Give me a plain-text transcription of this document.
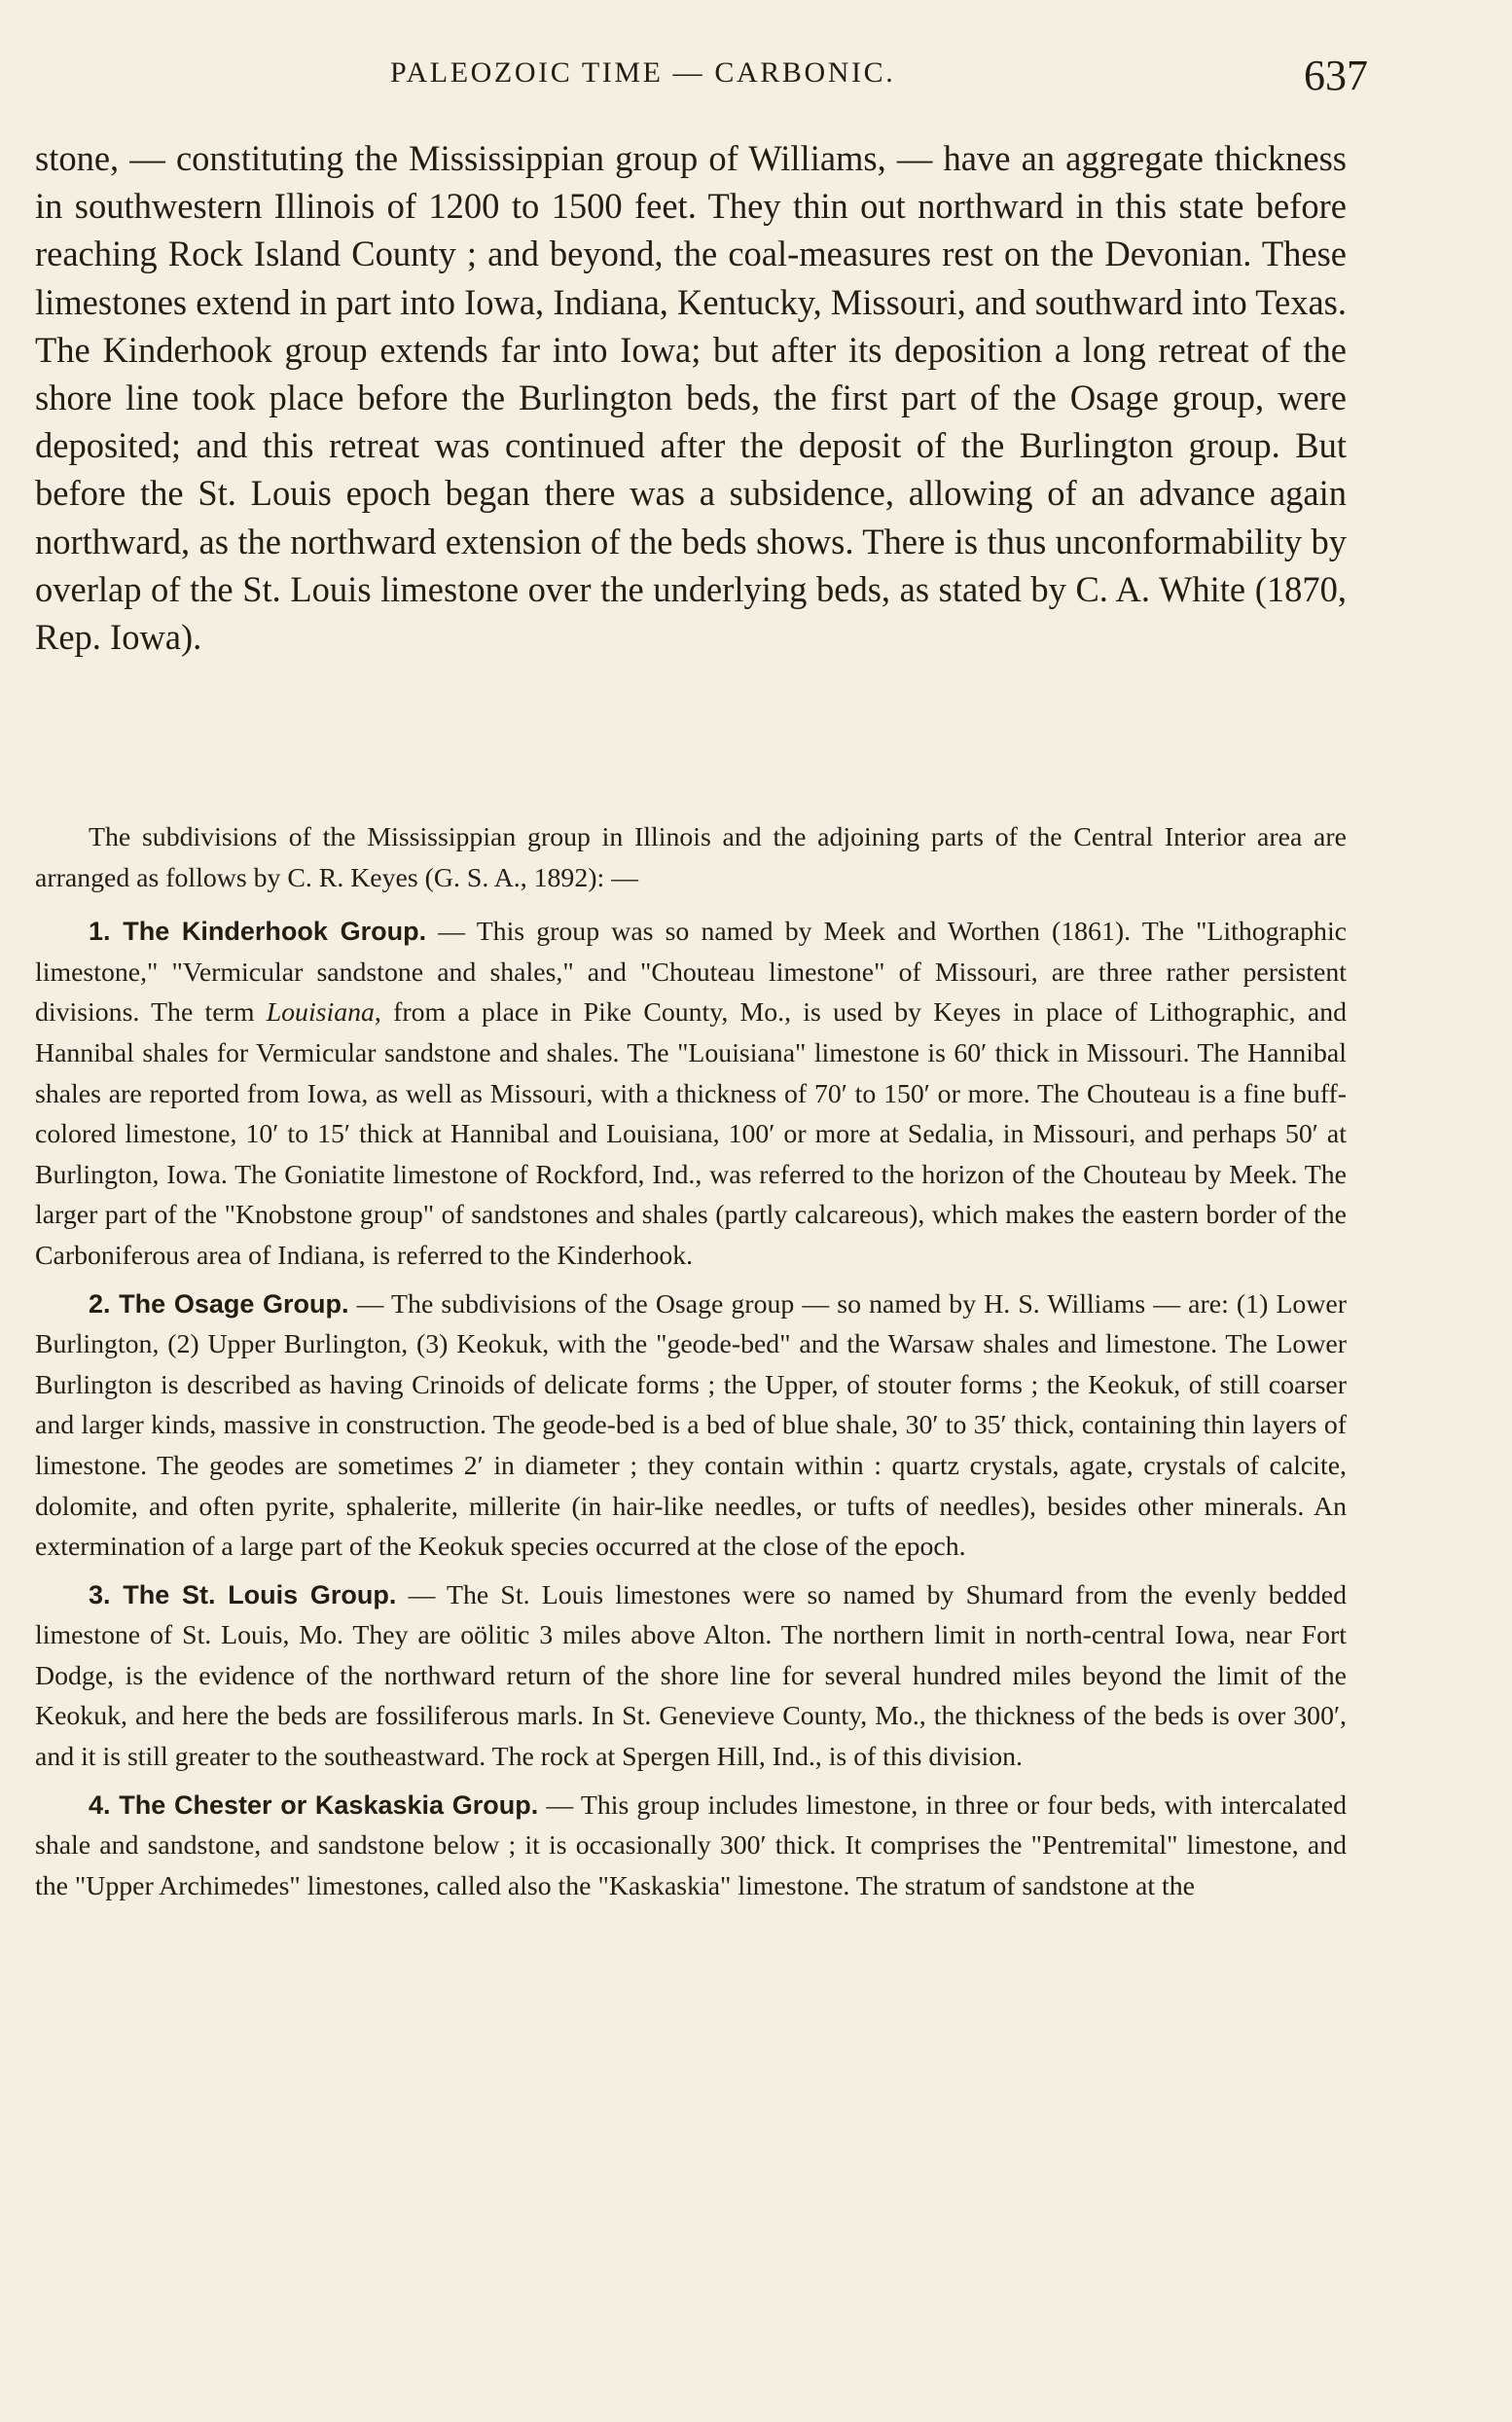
PALEOZOIC TIME — CARBONIC.	637

stone, — constituting the Mississippian group of Williams, — have an aggregate thickness in southwestern Illinois of 1200 to 1500 feet. They thin out northward in this state before reaching Rock Island County ; and beyond, the coal-measures rest on the Devonian. These limestones extend in part into Iowa, Indiana, Kentucky, Missouri, and southward into Texas. The Kinderhook group extends far into Iowa; but after its deposition a long retreat of the shore line took place before the Burlington beds, the first part of the Osage group, were deposited; and this retreat was continued after the deposit of the Burlington group. But before the St. Louis epoch began there was a subsidence, allowing of an advance again northward, as the northward extension of the beds shows. There is thus unconformability by overlap of the St. Louis limestone over the underlying beds, as stated by C. A. White (1870, Rep. Iowa).

The subdivisions of the Mississippian group in Illinois and the adjoining parts of the Central Interior area are arranged as follows by C. R. Keyes (G. S. A., 1892): —

1. The Kinderhook Group. — This group was so named by Meek and Worthen (1861). The "Lithographic limestone," "Vermicular sandstone and shales," and "Chouteau limestone" of Missouri, are three rather persistent divisions. The term Louisiana, from a place in Pike County, Mo., is used by Keyes in place of Lithographic, and Hannibal shales for Vermicular sandstone and shales. The "Louisiana" limestone is 60′ thick in Missouri. The Hannibal shales are reported from Iowa, as well as Missouri, with a thickness of 70′ to 150′ or more. The Chouteau is a fine buff-colored limestone, 10′ to 15′ thick at Hannibal and Louisiana, 100′ or more at Sedalia, in Missouri, and perhaps 50′ at Burlington, Iowa. The Goniatite limestone of Rockford, Ind., was referred to the horizon of the Chouteau by Meek. The larger part of the "Knobstone group" of sandstones and shales (partly calcareous), which makes the eastern border of the Carboniferous area of Indiana, is referred to the Kinderhook.

2. The Osage Group. — The subdivisions of the Osage group — so named by H. S. Williams — are: (1) Lower Burlington, (2) Upper Burlington, (3) Keokuk, with the "geode-bed" and the Warsaw shales and limestone. The Lower Burlington is described as having Crinoids of delicate forms ; the Upper, of stouter forms ; the Keokuk, of still coarser and larger kinds, massive in construction. The geode-bed is a bed of blue shale, 30′ to 35′ thick, containing thin layers of limestone. The geodes are sometimes 2′ in diameter ; they contain within : quartz crystals, agate, crystals of calcite, dolomite, and often pyrite, sphalerite, millerite (in hair-like needles, or tufts of needles), besides other minerals. An extermination of a large part of the Keokuk species occurred at the close of the epoch.

3. The St. Louis Group. — The St. Louis limestones were so named by Shumard from the evenly bedded limestone of St. Louis, Mo. They are oölitic 3 miles above Alton. The northern limit in north-central Iowa, near Fort Dodge, is the evidence of the northward return of the shore line for several hundred miles beyond the limit of the Keokuk, and here the beds are fossiliferous marls. In St. Genevieve County, Mo., the thickness of the beds is over 300′, and it is still greater to the southeastward. The rock at Spergen Hill, Ind., is of this division.

4. The Chester or Kaskaskia Group. — This group includes limestone, in three or four beds, with intercalated shale and sandstone, and sandstone below ; it is occasionally 300′ thick. It comprises the "Pentremital" limestone, and the "Upper Archimedes" limestones, called also the "Kaskaskia" limestone. The stratum of sandstone at the
